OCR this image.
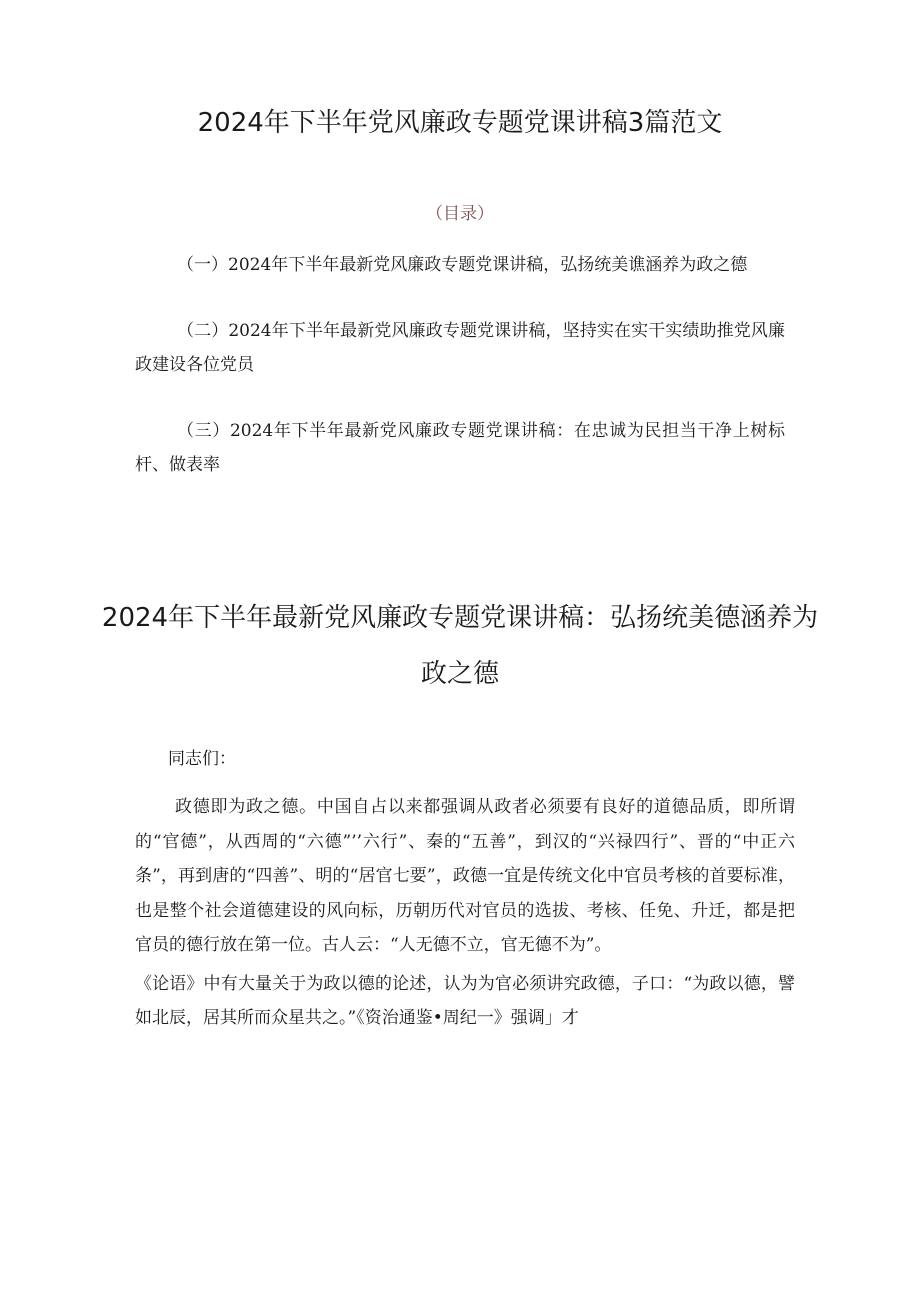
2024年下半年党风廉政专题党课讲稿3篇范文
（目录）

（一）2024年下半年最新党风廉政专题党课讲稿，弘扬统美谯涵养为政之德

（二）2024年下半年最新党风廉政专题党课讲稿，坚持实在实干实绩助推党风廉政建设各位党员

（三）2024年下半年最新党风廉政专题党课讲稿：在忠诚为民担当干净上树标杆、做表率

2024年下半年最新党风廉政专题党课讲稿：弘扬统美德涵养为政之德
同志们：

政德即为政之德。中国自占以来都强调从政者必须要有良好的道德品质，即所谓的“官德”，从西周的“六德”’’六行”、秦的“五善”，到汉的“兴禄四行”、晋的“中正六条”，再到唐的“四善”、明的“居官七要”，政德一宜是传统文化中官员考核的首要标准，也是整个社会道德建设的风向标，历朝历代对官员的选拔、考核、任免、升迁，都是把官员的德行放在第一位。古人云：“人无德不立，官无德不为”。

《论语》中有大量关于为政以德的论述，认为为官必须讲究政德，子口：“为政以德，譬如北辰，居其所而众星共之。”《资治通鉴•周纪一》强调」才
